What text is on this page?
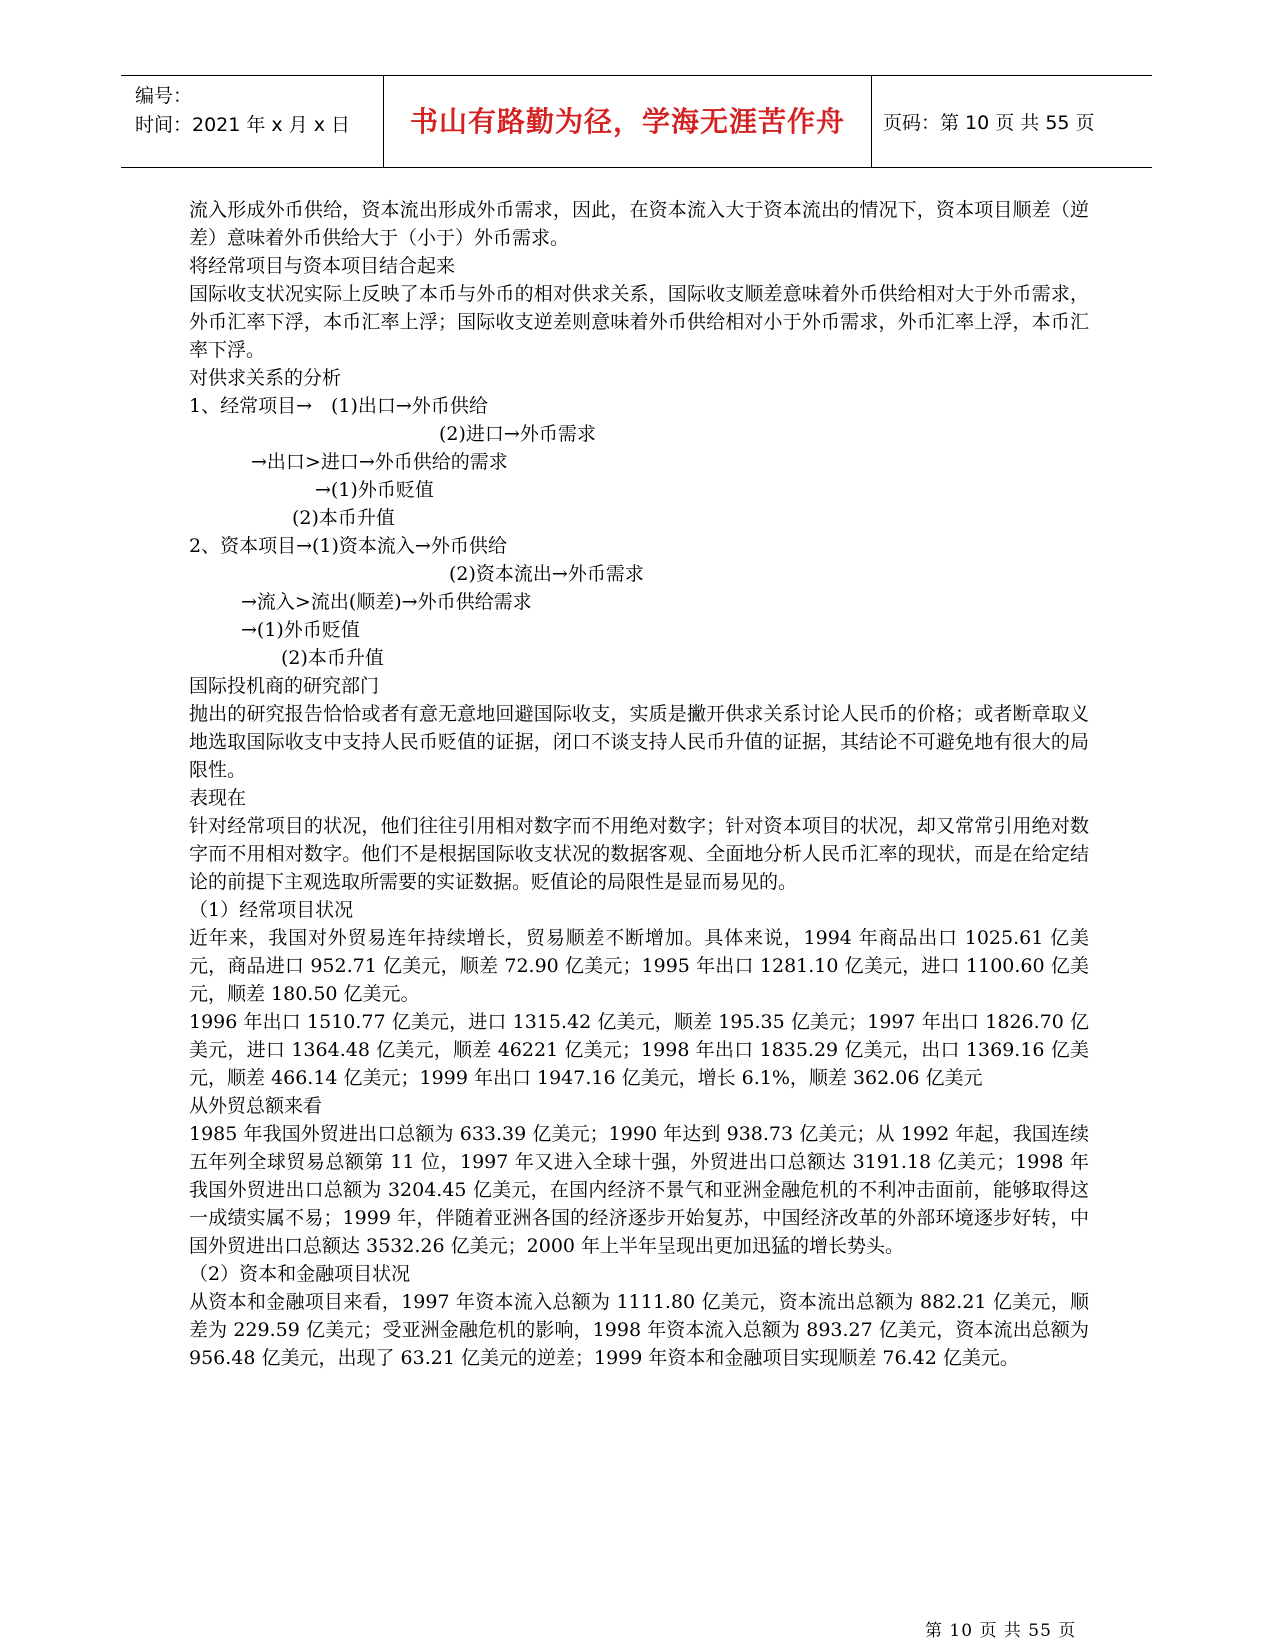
编号：
时间：2021 年 x 月 x 日	书山有路勤为径，学海无涯苦作舟	页码：第 10 页 共 55 页

流入形成外币供给，资本流出形成外币需求，因此，在资本流入大于资本流出的情况下，资本项目顺差（逆差）意味着外币供给大于（小于）外币需求。

将经常项目与资本项目结合起来

国际收支状况实际上反映了本币与外币的相对供求关系，国际收支顺差意味着外币供给相对大于外币需求，外币汇率下浮，本币汇率上浮；国际收支逆差则意味着外币供给相对小于外币需求，外币汇率上浮，本币汇率下浮。

对供求关系的分析

1、经常项目→　(1)出口→外币供给

(2)进口→外币需求

→出口>进口→外币供给的需求

→(1)外币贬值

(2)本币升值

2、资本项目→(1)资本流入→外币供给

(2)资本流出→外币需求

→流入>流出(顺差)→外币供给需求

→(1)外币贬值

(2)本币升值

国际投机商的研究部门

抛出的研究报告恰恰或者有意无意地回避国际收支，实质是撇开供求关系讨论人民币的价格；或者断章取义地选取国际收支中支持人民币贬值的证据，闭口不谈支持人民币升值的证据，其结论不可避免地有很大的局限性。

表现在

针对经常项目的状况，他们往往引用相对数字而不用绝对数字；针对资本项目的状况，却又常常引用绝对数字而不用相对数字。他们不是根据国际收支状况的数据客观、全面地分析人民币汇率的现状，而是在给定结论的前提下主观选取所需要的实证数据。贬值论的局限性是显而易见的。

（1）经常项目状况

近年来，我国对外贸易连年持续增长，贸易顺差不断增加。具体来说，1994 年商品出口 1025.61 亿美元，商品进口 952.71 亿美元，顺差 72.90 亿美元；1995 年出口 1281.10 亿美元，进口 1100.60 亿美元，顺差 180.50 亿美元。

1996 年出口 1510.77 亿美元，进口 1315.42 亿美元，顺差 195.35 亿美元；1997 年出口 1826.70 亿美元，进口 1364.48 亿美元，顺差 46221 亿美元；1998 年出口 1835.29 亿美元，出口 1369.16 亿美元，顺差 466.14 亿美元；1999 年出口 1947.16 亿美元，增长 6.1%，顺差 362.06 亿美元

从外贸总额来看

1985 年我国外贸进出口总额为 633.39 亿美元；1990 年达到 938.73 亿美元；从 1992 年起，我国连续五年列全球贸易总额第 11 位，1997 年又进入全球十强，外贸进出口总额达 3191.18 亿美元；1998 年我国外贸进出口总额为 3204.45 亿美元，在国内经济不景气和亚洲金融危机的不利冲击面前，能够取得这一成绩实属不易；1999 年，伴随着亚洲各国的经济逐步开始复苏，中国经济改革的外部环境逐步好转，中国外贸进出口总额达 3532.26 亿美元；2000 年上半年呈现出更加迅猛的增长势头。

（2）资本和金融项目状况

从资本和金融项目来看，1997 年资本流入总额为 1111.80 亿美元，资本流出总额为 882.21 亿美元，顺差为 229.59 亿美元；受亚洲金融危机的影响，1998 年资本流入总额为 893.27 亿美元，资本流出总额为 956.48 亿美元，出现了 63.21 亿美元的逆差；1999 年资本和金融项目实现顺差 76.42 亿美元。

第 10 页 共 55 页
